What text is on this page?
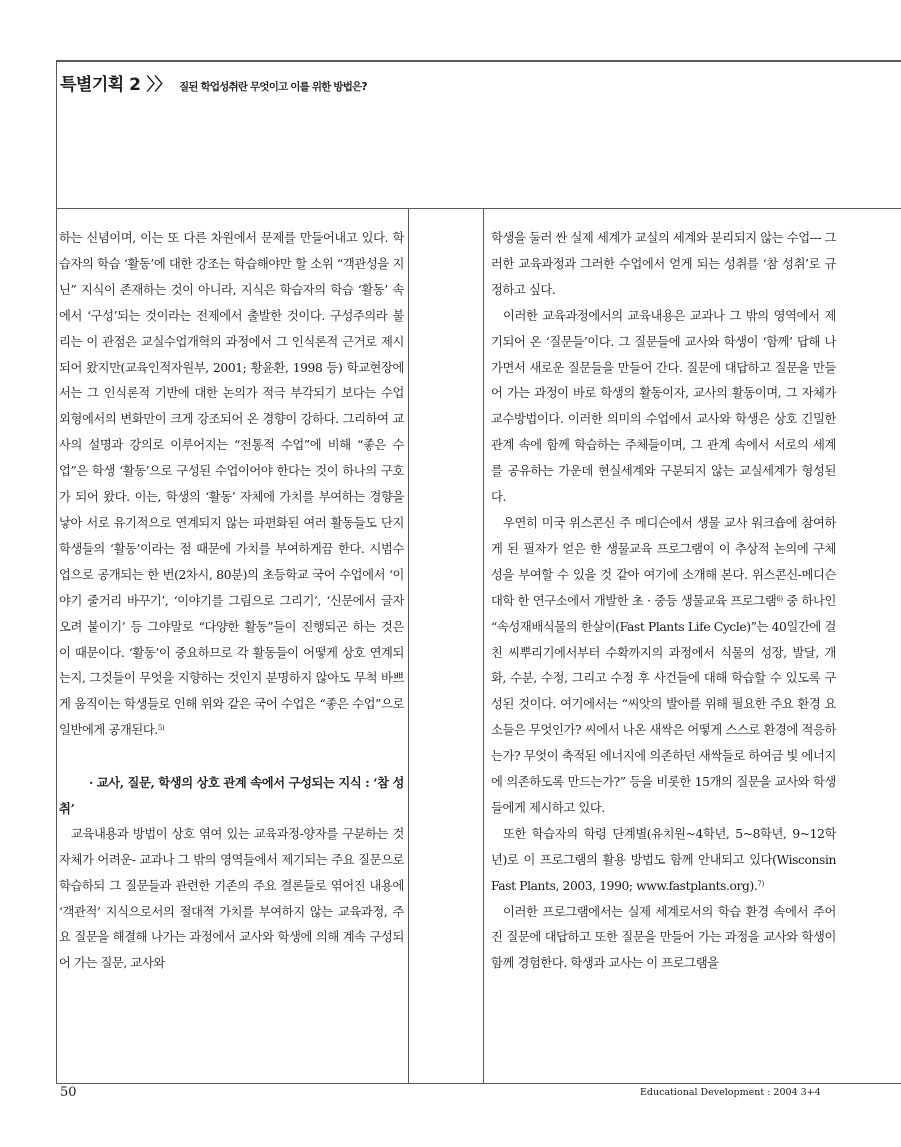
특별기획 2 〉〉 질된 학업성취란 무엇이고 이를 위한 방법은?

하는 신념이며, 이는 또 다른 차원에서 문제를 만들어내고 있다. 학습자의 학습 ‘활동’에 대한 강조는 학습해야만 할 소위 “객관성을 지닌” 지식이 존재하는 것이 아니라, 지식은 학습자의 학습 ‘활동’ 속에서 ‘구성’되는 것이라는 전제에서 출발한 것이다. 구성주의라 불리는 이 관점은 교실수업개혁의 과정에서 그 인식론적 근거로 제시되어 왔지만(교육인적자원부, 2001; 황윤환, 1998 등) 학교현장에서는 그 인식론적 기반에 대한 논의가 적극 부각되기 보다는 수업 외형에서의 변화만이 크게 강조되어 온 경향이 강하다. 그리하여 교사의 설명과 강의로 이루어지는 “전통적 수업”에 비해 “좋은 수업”은 학생 ‘활동’으로 구성된 수업이어야 한다는 것이 하나의 구호가 되어 왔다. 이는, 학생의 ‘활동’ 자체에 가치를 부여하는 경향을 낳아 서로 유기적으로 연계되지 않는 파편화된 여러 활동들도 단지 학생들의 ‘활동’이라는 점 때문에 가치를 부여하게끔 한다. 시범수업으로 공개되는 한 번(2차시, 80분)의 초등학교 국어 수업에서 ‘이야기 줄거리 바꾸기’, ‘이야기를 그림으로 그리기’, ‘신문에서 글자 오려 붙이기’ 등 그야말로 “다양한 활동”들이 진행되곤 하는 것은 이 때문이다. ‘활동’이 중요하므로 각 활동들이 어떻게 상호 연계되는지, 그것들이 무엇을 지향하는 것인지 분명하지 않아도 무척 바쁘게 움직이는 학생들로 인해 위와 같은 국어 수업은 “좋은 수업”으로 일반에게 공개된다.$^{5)}$

· 교사, 질문, 학생의 상호 관계 속에서 구성되는 지식 : ‘참 성취’

교육내용과 방법이 상호 엮여 있는 교육과정-양자를 구분하는 것 자체가 어려운- 교과나 그 밖의 영역들에서 제기되는 주요 질문으로 학습하되 그 질문들과 관련한 기존의 주요 결론들로 엮어진 내용에 ‘객관적’ 지식으로서의 절대적 가치를 부여하지 않는 교육과정, 주요 질문을 해결해 나가는 과정에서 교사와 학생에 의해 계속 구성되어 가는 질문, 교사와

학생을 둘러 싼 실제 세계가 교실의 세계와 분리되지 않는 수업--- 그러한 교육과정과 그러한 수업에서 얻게 되는 성취를 ‘참 성취’로 규정하고 싶다.

이러한 교육과정에서의 교육내용은 교과나 그 밖의 영역에서 제기되어 온 ‘질문들’이다. 그 질문들에 교사와 학생이 ‘함께’ 답해 나가면서 새로운 질문들을 만들어 간다. 질문에 대답하고 질문을 만들어 가는 과정이 바로 학생의 활동이자, 교사의 활동이며, 그 자체가 교수방법이다. 이러한 의미의 수업에서 교사와 학생은 상호 긴밀한 관계 속에 함께 학습하는 주체들이며, 그 관계 속에서 서로의 세계를 공유하는 가운데 현실세계와 구분되지 않는 교실세계가 형성된다.

우연히 미국 위스콘신 주 메디슨에서 생물 교사 워크숍에 참여하게 된 필자가 얻은 한 생물교육 프로그램이 이 추상적 논의에 구체성을 부여할 수 있을 것 같아 여기에 소개해 본다. 위스콘신-메디슨 대학 한 연구소에서 개발한 초 · 중등 생물교육 프로그램$^{6)}$ 중 하나인 “속성재배식물의 한살이(Fast Plants Life Cycle)”는 40일간에 걸친 씨뿌리기에서부터 수확까지의 과정에서 식물의 성장, 발달, 개화, 수분, 수정, 그리고 수정 후 사건들에 대해 학습할 수 있도록 구성된 것이다. 여기에서는 “씨앗의 발아를 위해 필요한 주요 환경 요소들은 무엇인가? 씨에서 나온 새싹은 어떻게 스스로 환경에 적응하는가? 무엇이 축적된 에너지에 의존하던 새싹들로 하여금 빛 에너지에 의존하도록 만드는가?” 등을 비롯한 15개의 질문을 교사와 학생들에게 제시하고 있다.

또한 학습자의 학령 단계별(유치원~4학년, 5~8학년, 9~12학년)로 이 프로그램의 활용 방법도 함께 안내되고 있다(Wisconsin Fast Plants, 2003, 1990; www.fastplants.org).$^{7)}$

이러한 프로그램에서는 실제 세계로서의 학습 환경 속에서 주어진 질문에 대답하고 또한 질문을 만들어 가는 과정을 교사와 학생이 함께 경험한다. 학생과 교사는 이 프로그램을

50	Educational Development : 2004 3+4
